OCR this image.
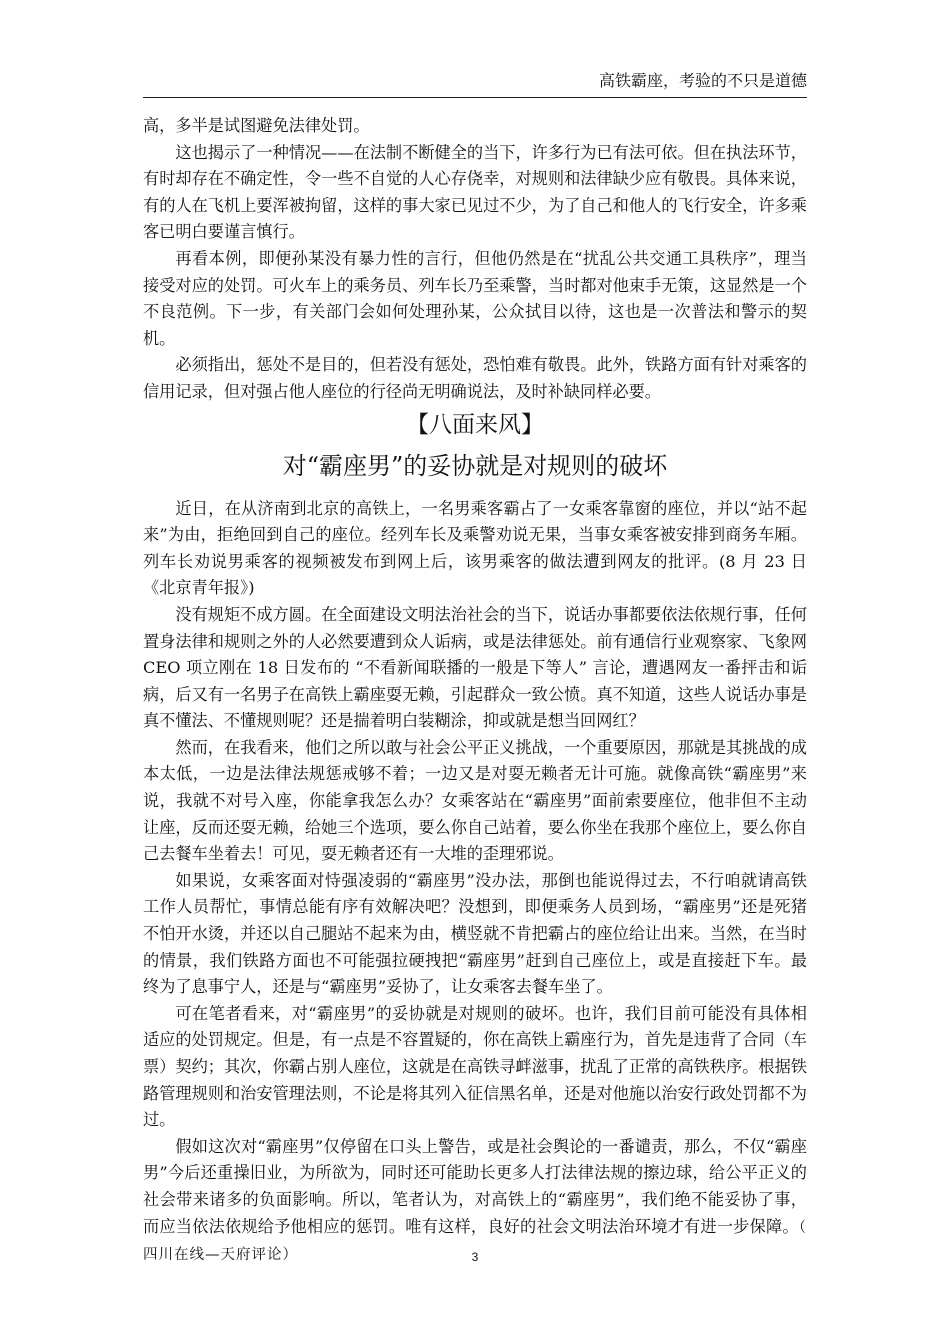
高铁霸座，考验的不只是道德

高，多半是试图避免法律处罚。

这也揭示了一种情况——在法制不断健全的当下，许多行为已有法可依。但在执法环节，有时却存在不确定性，令一些不自觉的人心存侥幸，对规则和法律缺少应有敬畏。具体来说，有的人在飞机上要浑被拘留，这样的事大家已见过不少，为了自己和他人的飞行安全，许多乘客已明白要谨言慎行。

再看本例，即便孙某没有暴力性的言行，但他仍然是在“扰乱公共交通工具秩序”，理当接受对应的处罚。可火车上的乘务员、列车长乃至乘警，当时都对他束手无策，这显然是一个不良范例。下一步，有关部门会如何处理孙某，公众拭目以待，这也是一次普法和警示的契机。

必须指出，惩处不是目的，但若没有惩处，恐怕难有敬畏。此外，铁路方面有针对乘客的信用记录，但对强占他人座位的行径尚无明确说法，及时补缺同样必要。

【八面来风】
对“霸座男”的妥协就是对规则的破坏

近日，在从济南到北京的高铁上，一名男乘客霸占了一女乘客靠窗的座位，并以“站不起来”为由，拒绝回到自己的座位。经列车长及乘警劝说无果，当事女乘客被安排到商务车厢。列车长劝说男乘客的视频被发布到网上后，该男乘客的做法遭到网友的批评。(8 月 23 日《北京青年报》)

没有规矩不成方圆。在全面建设文明法治社会的当下，说话办事都要依法依规行事，任何置身法律和规则之外的人必然要遭到众人诟病，或是法律惩处。前有通信行业观察家、飞象网 CEO 项立刚在 18 日发布的 “不看新闻联播的一般是下等人” 言论，遭遇网友一番抨击和诟病，后又有一名男子在高铁上霸座耍无赖，引起群众一致公愤。真不知道，这些人说话办事是真不懂法、不懂规则呢？还是揣着明白装糊涂，抑或就是想当回网红？

然而，在我看来，他们之所以敢与社会公平正义挑战，一个重要原因，那就是其挑战的成本太低，一边是法律法规惩戒够不着；一边又是对耍无赖者无计可施。就像高铁“霸座男”来说，我就不对号入座，你能拿我怎么办？女乘客站在“霸座男”面前索要座位，他非但不主动让座，反而还耍无赖，给她三个选项，要么你自己站着，要么你坐在我那个座位上，要么你自己去餐车坐着去！可见，耍无赖者还有一大堆的歪理邪说。

如果说，女乘客面对恃强凌弱的“霸座男”没办法，那倒也能说得过去，不行咱就请高铁工作人员帮忙，事情总能有序有效解决吧？没想到，即便乘务人员到场，“霸座男”还是死猪不怕开水烫，并还以自己腿站不起来为由，横竖就不肯把霸占的座位给让出来。当然，在当时的情景，我们铁路方面也不可能强拉硬拽把“霸座男”赶到自己座位上，或是直接赶下车。最终为了息事宁人，还是与“霸座男”妥协了，让女乘客去餐车坐了。

可在笔者看来，对“霸座男”的妥协就是对规则的破坏。也许，我们目前可能没有具体相适应的处罚规定。但是，有一点是不容置疑的，你在高铁上霸座行为，首先是违背了合同（车票）契约；其次，你霸占别人座位，这就是在高铁寻衅滋事，扰乱了正常的高铁秩序。根据铁路管理规则和治安管理法则，不论是将其列入征信黑名单，还是对他施以治安行政处罚都不为过。

假如这次对“霸座男”仅停留在口头上警告，或是社会舆论的一番谴责，那么，不仅“霸座男”今后还重操旧业，为所欲为，同时还可能助长更多人打法律法规的擦边球，给公平正义的社会带来诸多的负面影响。所以，笔者认为，对高铁上的“霸座男”，我们绝不能妥协了事，而应当依法依规给予他相应的惩罚。唯有这样，良好的社会文明法治环境才有进一步保障。（ 四川在线—天府评论）	3
